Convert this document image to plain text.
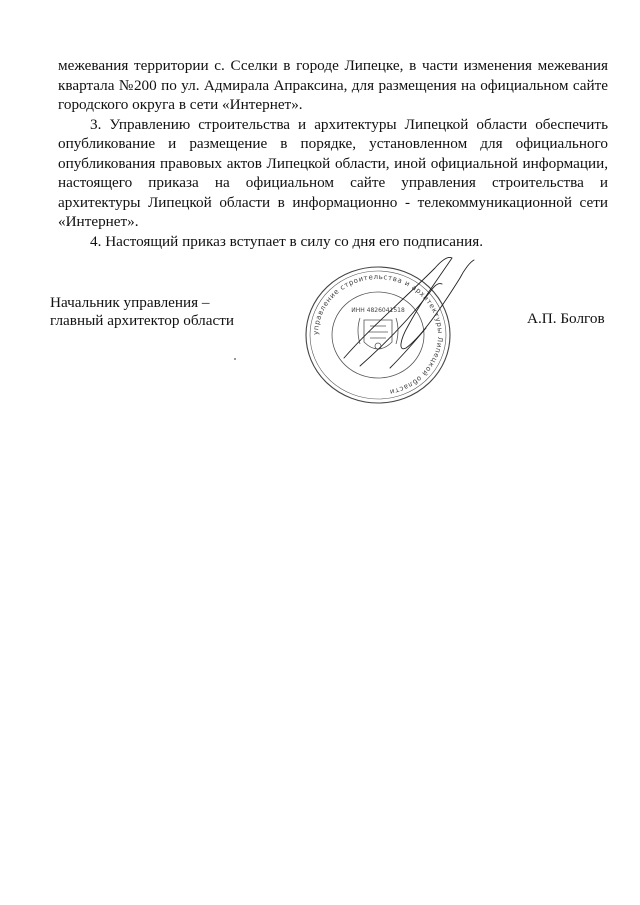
межевания территории с. Сселки в городе Липецке, в части изменения межевания квартала №200 по ул. Адмирала Апраксина, для размещения на официальном сайте городского округа в сети «Интернет».

3. Управлению строительства и архитектуры Липецкой области обеспечить опубликование и размещение в порядке, установленном для официального опубликования правовых актов Липецкой области, иной официальной информации, настоящего приказа на официальном сайте управления строительства и архитектуры Липецкой области в информационно - телекоммуникационной сети «Интернет».

4. Настоящий приказ вступает в силу со дня его подписания.

Начальник управления –
главный архитектор области
управление строительства и архитектуры Липецкой области
ИНН 4826041518	А.П. Болгов
